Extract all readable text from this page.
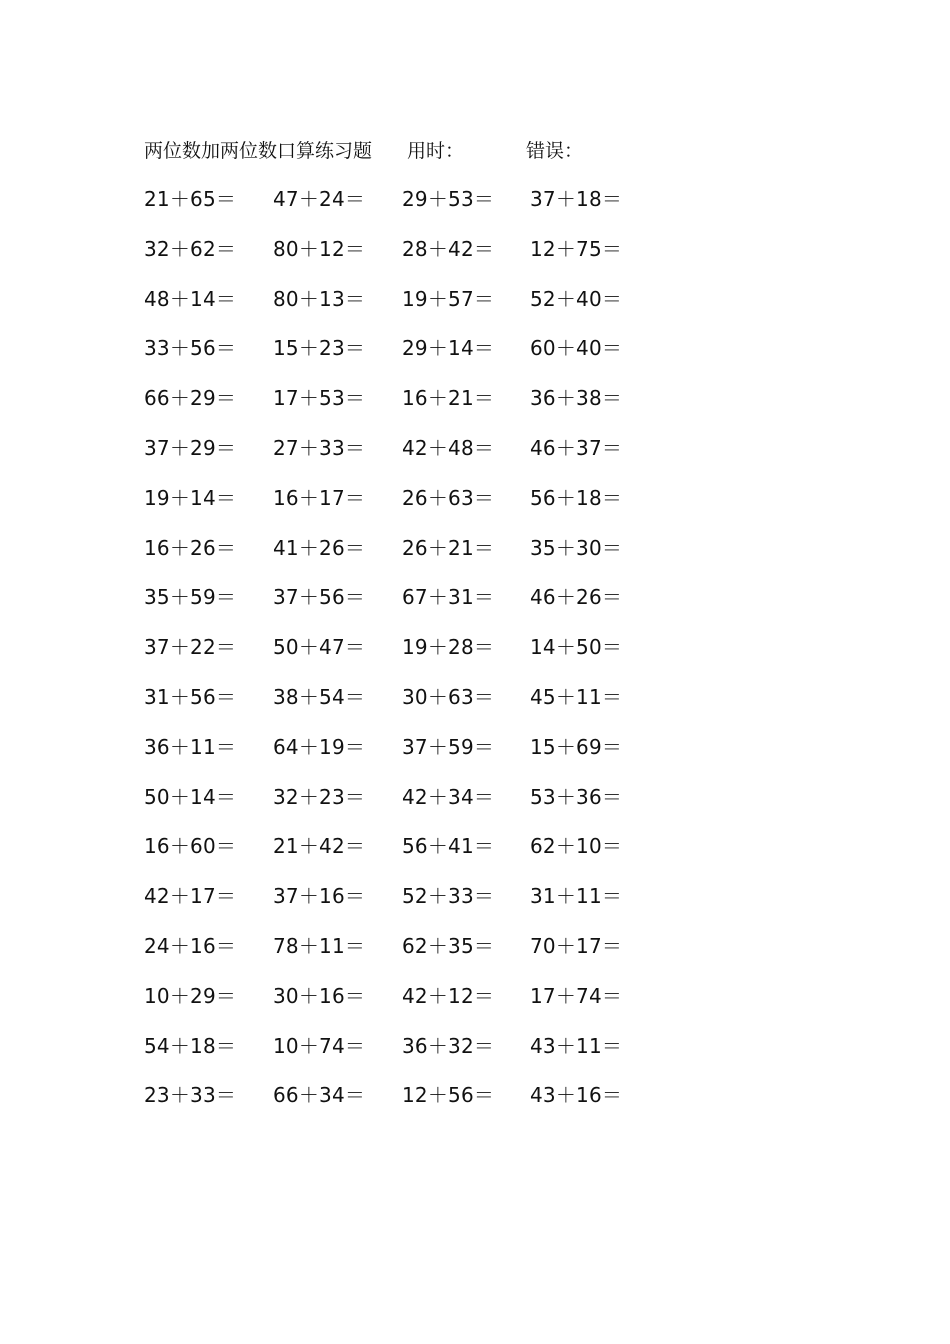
两位数加两位数口算练习题 用时：	错误：
21＋65＝ 47＋24＝ 29＋53＝ 37＋18＝
32＋62＝ 80＋12＝ 28＋42＝ 12＋75＝
48＋14＝ 80＋13＝ 19＋57＝ 52＋40＝
33＋56＝ 15＋23＝ 29＋14＝ 60＋40＝
66＋29＝ 17＋53＝ 16＋21＝ 36＋38＝
37＋29＝ 27＋33＝ 42＋48＝ 46＋37＝
19＋14＝ 16＋17＝ 26＋63＝ 56＋18＝
16＋26＝ 41＋26＝ 26＋21＝ 35＋30＝
35＋59＝ 37＋56＝ 67＋31＝ 46＋26＝
37＋22＝ 50＋47＝ 19＋28＝ 14＋50＝
31＋56＝ 38＋54＝ 30＋63＝ 45＋11＝
36＋11＝ 64＋19＝ 37＋59＝ 15＋69＝
50＋14＝ 32＋23＝ 42＋34＝ 53＋36＝
16＋60＝ 21＋42＝ 56＋41＝ 62＋10＝
42＋17＝ 37＋16＝ 52＋33＝ 31＋11＝
24＋16＝ 78＋11＝ 62＋35＝ 70＋17＝
10＋29＝ 30＋16＝ 42＋12＝ 17＋74＝
54＋18＝ 10＋74＝ 36＋32＝ 43＋11＝
23＋33＝ 66＋34＝ 12＋56＝ 43＋16＝
